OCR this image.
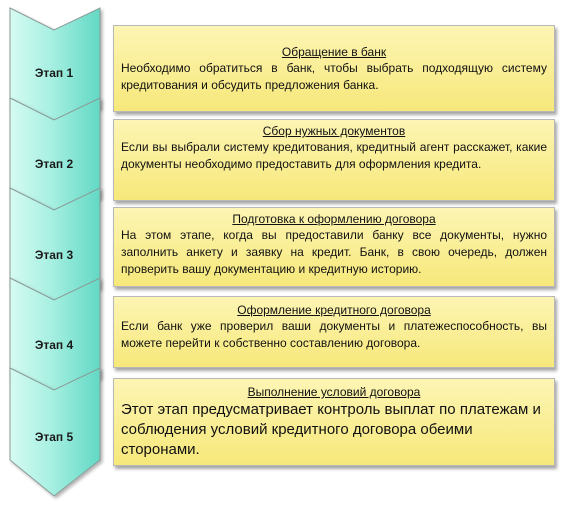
Этап 1
Этап 2
Этап 3
Этап 4
Этап 5
Обращение в банк
Необходимо обратиться в банк, чтобы выбрать подходящую систему кредитования и обсудить предложения банка.
Сбор нужных документов
Если вы выбрали систему кредитования, кредитный агент расскажет, какие документы необходимо предоставить для оформления кредита.
Подготовка к оформлению договора
На этом этапе, когда вы предоставили банку все документы, нужно заполнить анкету и заявку на кредит. Банк, в свою очередь, должен проверить вашу документацию и кредитную историю.
Оформление кредитного договора
Если банк уже проверил ваши документы и платежеспособность, вы можете перейти к собственно составлению договора.
Выполнение условий договора
Этот этап предусматривает контроль выплат по платежам и соблюдения условий кредитного договора обеими сторонами.
